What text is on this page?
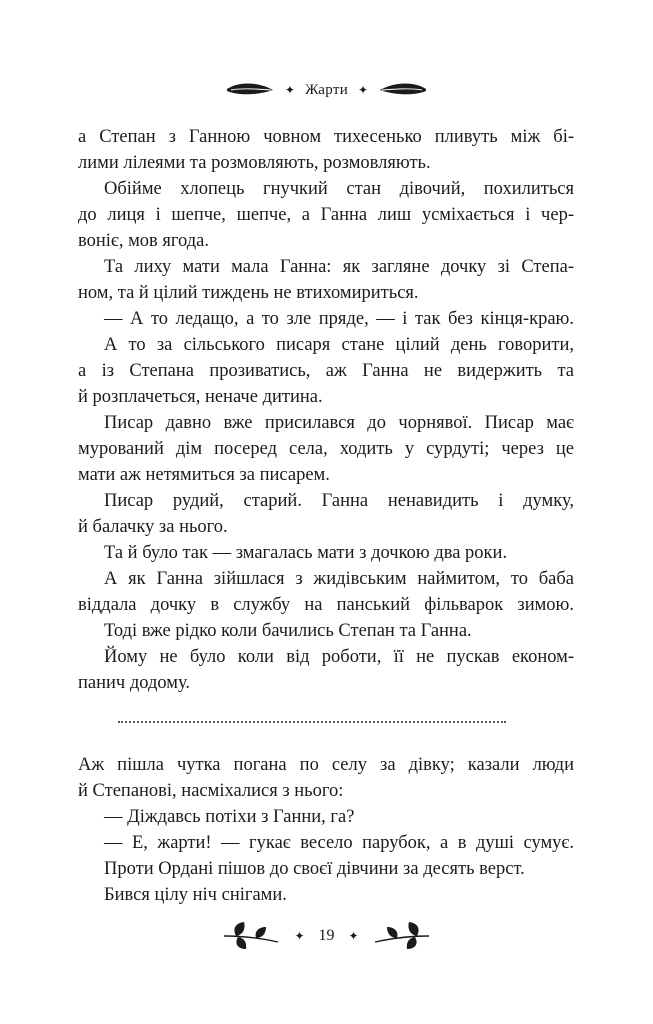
✦ Жарти ✦
а Степан з Ганною човном тихесенько пливуть між бі-
лими лілеями та розмовляють, розмовляють.
Обійме хлопець гнучкий стан дівочий, похилиться
до лиця і шепче, шепче, а Ганна лиш усміхається і чер-
воніє, мов ягода.
Та лиху мати мала Ганна: як загляне дочку зі Степа-
ном, та й цілий тиждень не втихомириться.
— А то ледащо, а то зле пряде, — і так без кінця-краю.
А то за сільського писаря стане цілий день говорити,
а із Степана прозиватись, аж Ганна не видержить та
й розплачеться, неначе дитина.
Писар давно вже присилався до чорнявої. Писар має
мурований дім посеред села, ходить у сурдуті; через це
мати аж нетямиться за писарем.
Писар рудий, старий. Ганна ненавидить і думку,
й балачку за нього.
Та й було так — змагалась мати з дочкою два роки.
А як Ганна зійшлася з жидівським наймитом, то баба
віддала дочку в службу на панський фільварок зимою.
Тоді вже рідко коли бачились Степан та Ганна.
Йому не було коли від роботи, її не пускав економ-
панич додому.
Аж пішла чутка погана по селу за дівку; казали люди
й Степанові, насміхалися з нього:
— Діждавсь потіхи з Ганни, га?
— Е, жарти! — гукає весело парубок, а в душі сумує.
Проти Ордані пішов до своєї дівчини за десять верст.
Бився цілу ніч снігами.
✦ 19 ✦
